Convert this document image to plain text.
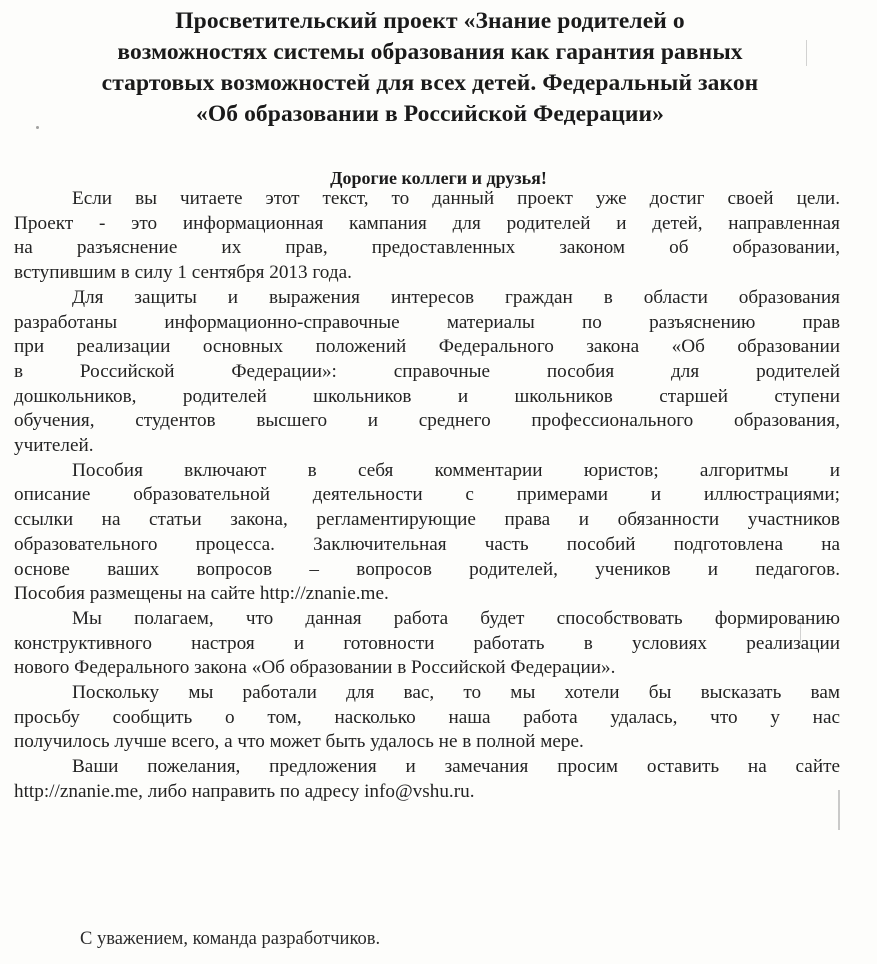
Просветительский проект «Знание родителей о
возможностях системы образования как гарантия равных
стартовых возможностей для всех детей. Федеральный закон
«Об образовании в Российской Федерации»
Дорогие коллеги и друзья!
Если вы читаете этот текст, то данный проект уже достиг своей цели.
Проект - это информационная кампания для родителей и детей, направленная
на разъяснение их прав, предоставленных законом об образовании,
вступившим в силу 1 сентября 2013 года.
Для защиты и выражения интересов граждан в области образования
разработаны информационно-справочные материалы по разъяснению прав
при реализации основных положений Федерального закона «Об образовании
в Российской Федерации»: справочные пособия для родителей
дошкольников, родителей школьников и школьников старшей ступени
обучения, студентов высшего и среднего профессионального образования,
учителей.
Пособия включают в себя комментарии юристов; алгоритмы и
описание образовательной деятельности с примерами и иллюстрациями;
ссылки на статьи закона, регламентирующие права и обязанности участников
образовательного процесса. Заключительная часть пособий подготовлена на
основе ваших вопросов – вопросов родителей, учеников и педагогов.
Пособия размещены на сайте http://znanie.me.
Мы полагаем, что данная работа будет способствовать формированию
конструктивного настроя и готовности работать в условиях реализации
нового Федерального закона «Об образовании в Российской Федерации».
Поскольку мы работали для вас, то мы хотели бы высказать вам
просьбу сообщить о том, насколько наша работа удалась, что у нас
получилось лучше всего, а что может быть удалось не в полной мере.
Ваши пожелания, предложения и замечания просим оставить на сайте
http://znanie.me, либо направить по адресу info@vshu.ru.
С уважением, команда разработчиков.
